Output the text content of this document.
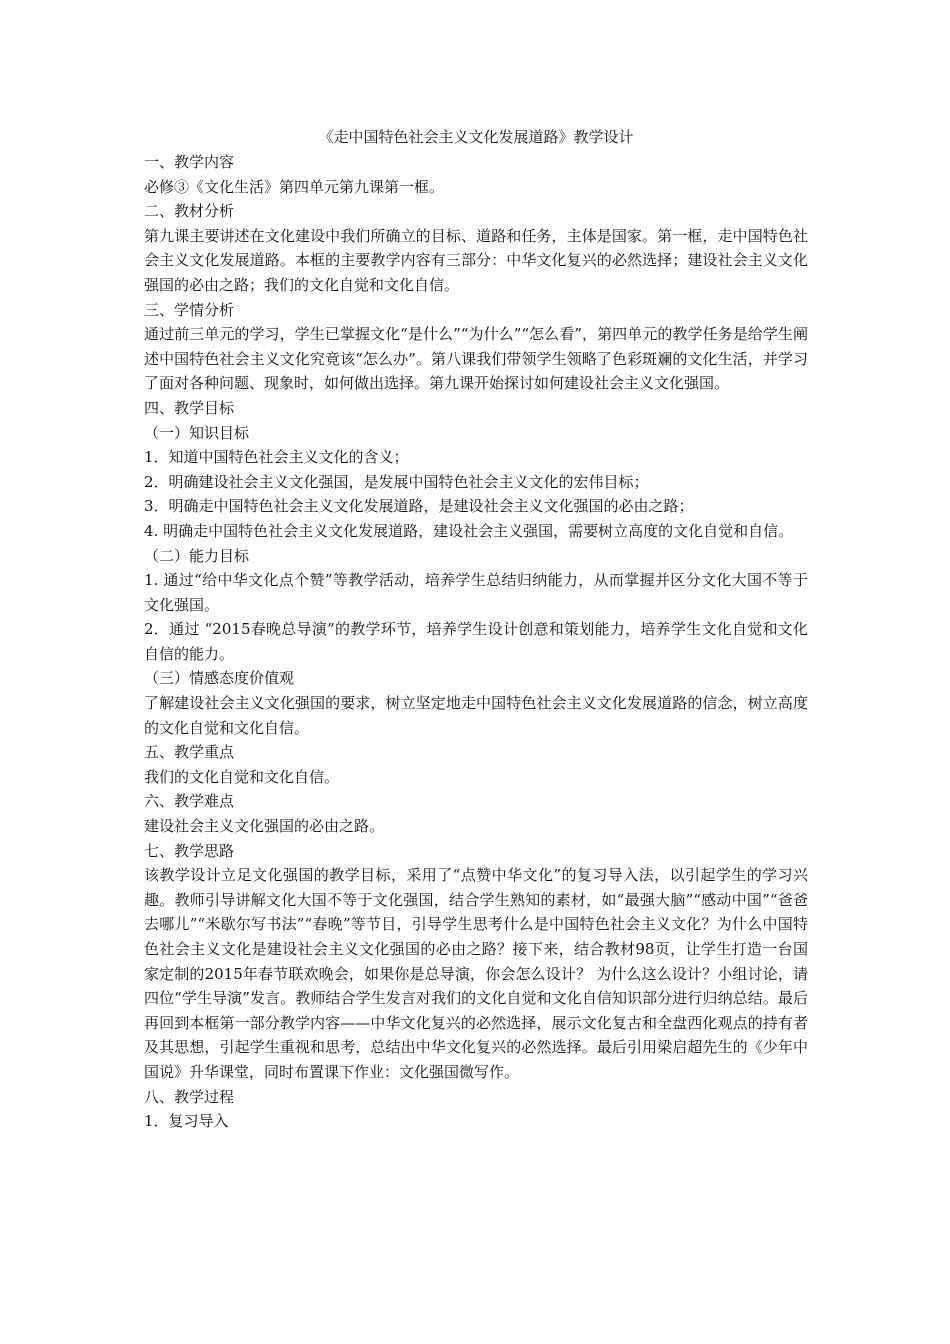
《走中国特色社会主义文化发展道路》教学设计

一、教学内容

必修③《文化生活》第四单元第九课第一框。

二、教材分析

第九课主要讲述在文化建设中我们所确立的目标、道路和任务，主体是国家。第一框，走中国特色社会主义文化发展道路。本框的主要教学内容有三部分：中华文化复兴的必然选择；建设社会主义文化强国的必由之路；我们的文化自觉和文化自信。

三、学情分析

通过前三单元的学习，学生已掌握文化“是什么”“为什么”“怎么看”，第四单元的教学任务是给学生阐述中国特色社会主义文化究竟该“怎么办”。第八课我们带领学生领略了色彩斑斓的文化生活，并学习了面对各种问题、现象时，如何做出选择。第九课开始探讨如何建设社会主义文化强国。

四、教学目标

（一）知识目标

1．知道中国特色社会主义文化的含义；

2．明确建设社会主义文化强国，是发展中国特色社会主义文化的宏伟目标；

3．明确走中国特色社会主义文化发展道路，是建设社会主义文化强国的必由之路；

4. 明确走中国特色社会主义文化发展道路，建设社会主义强国，需要树立高度的文化自觉和自信。

（二）能力目标

1. 通过“给中华文化点个赞”等教学活动，培养学生总结归纳能力，从而掌握并区分文化大国不等于文化强国。

2．通过 “2015春晚总导演”的教学环节，培养学生设计创意和策划能力，培养学生文化自觉和文化自信的能力。

（三）情感态度价值观

了解建设社会主义文化强国的要求，树立坚定地走中国特色社会主义文化发展道路的信念，树立高度的文化自觉和文化自信。

五、教学重点

我们的文化自觉和文化自信。

六、教学难点

建设社会主义文化强国的必由之路。

七、教学思路

该教学设计立足文化强国的教学目标，采用了“点赞中华文化”的复习导入法，以引起学生的学习兴趣。教师引导讲解文化大国不等于文化强国，结合学生熟知的素材，如“最强大脑”“感动中国”“爸爸去哪儿”“米歇尔写书法”“春晚”等节目，引导学生思考什么是中国特色社会主义文化？为什么中国特色社会主义文化是建设社会主义文化强国的必由之路？接下来，结合教材98页，让学生打造一台国家定制的2015年春节联欢晚会，如果你是总导演，你会怎么设计？ 为什么这么设计？小组讨论，请四位“学生导演”发言。教师结合学生发言对我们的文化自觉和文化自信知识部分进行归纳总结。最后再回到本框第一部分教学内容——中华文化复兴的必然选择，展示文化复古和全盘西化观点的持有者及其思想，引起学生重视和思考，总结出中华文化复兴的必然选择。最后引用梁启超先生的《少年中国说》升华课堂，同时布置课下作业：文化强国微写作。

八、教学过程

1．复习导入
